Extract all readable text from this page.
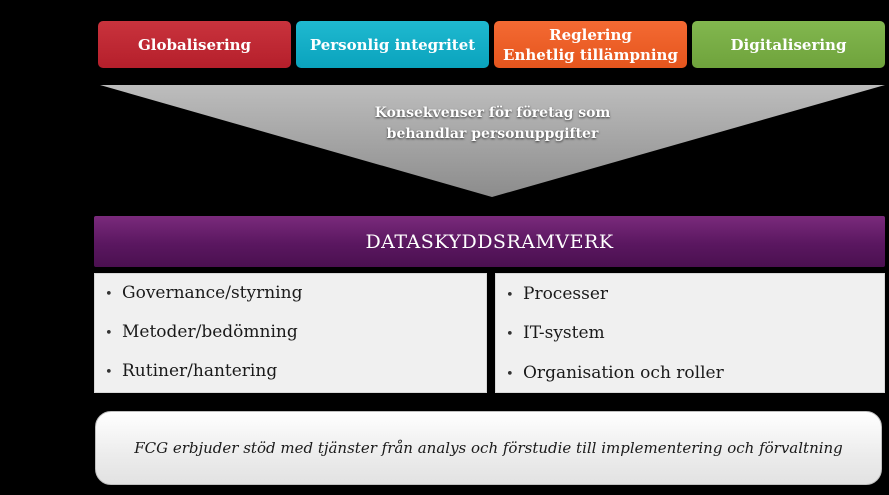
Globalisering	Personlig integritet
Reglering
Enhetlig tillämpning
Digitalisering
Konsekvenser för företag som
behandlar personuppgifter
DATASKYDDSRAMVERK
• Governance/styrning
• Metoder/bedömning
• Rutiner/hantering
• Processer
• IT-system
• Organisation och roller
FCG erbjuder stöd med tjänster från analys och förstudie till implementering och förvaltning
